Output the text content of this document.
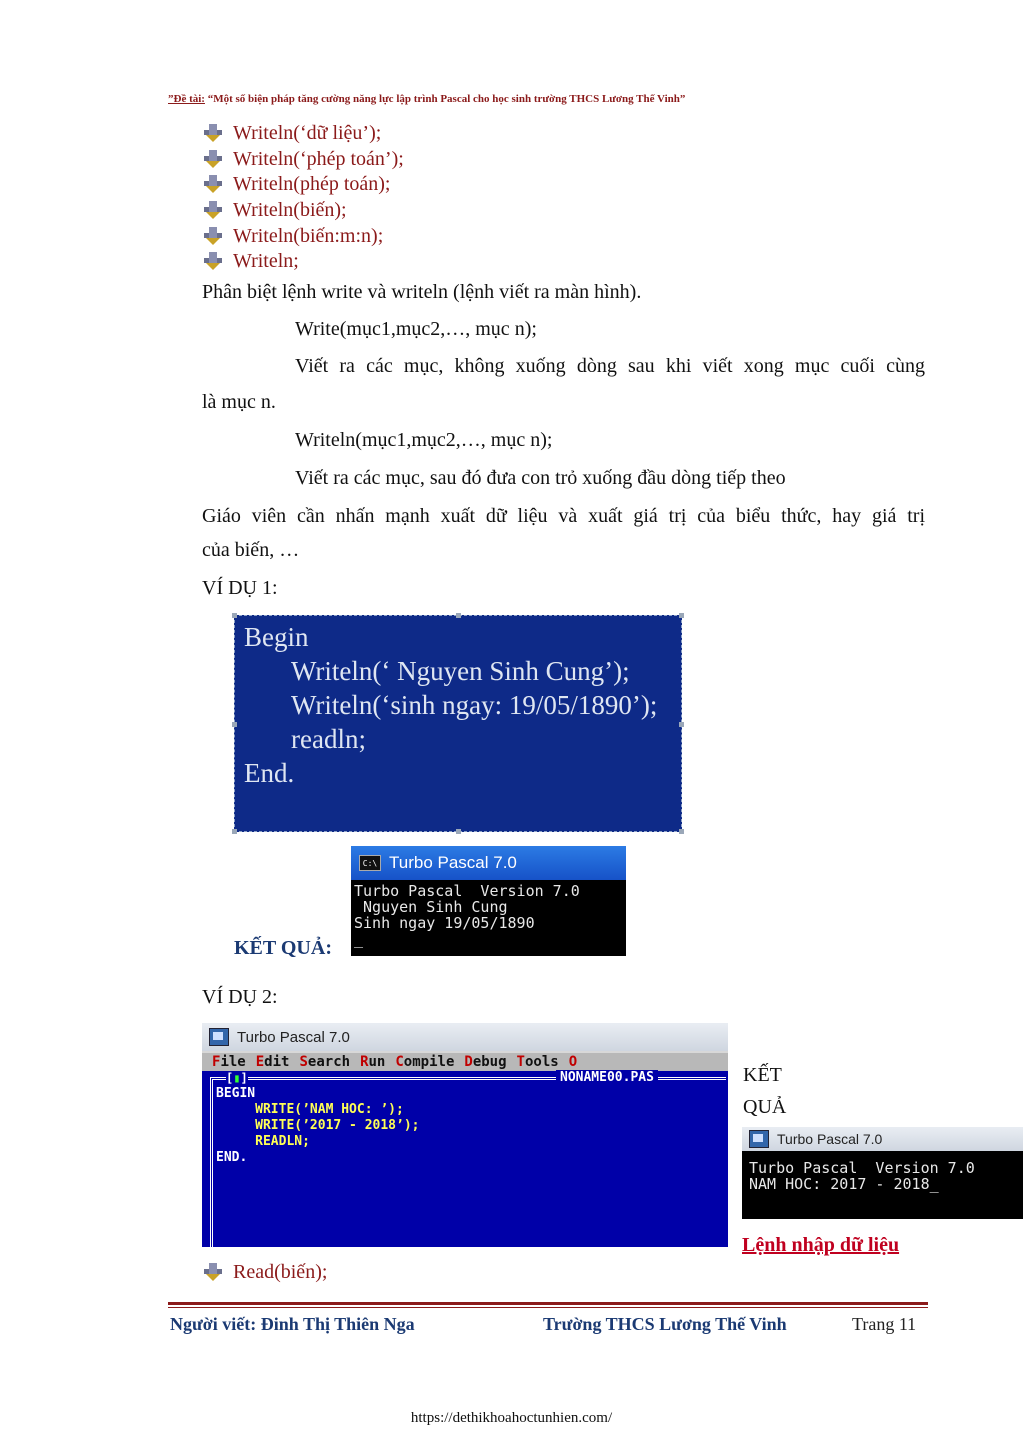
”Đề tài: “Một số biện pháp tăng cường năng lực lập trình Pascal cho học sinh trường THCS Lương Thế Vinh”
Writeln(‘dữ liệu’);
Writeln(‘phép toán’);
Writeln(phép toán);
Writeln(biến);
Writeln(biến:m:n);
Writeln;
Phân biệt lệnh write và writeln (lệnh viết ra màn hình).
Write(mục1,mục2,…, mục n);
Viết ra các mục, không xuống dòng sau khi viết xong mục cuối cùng
là mục n.
Writeln(mục1,mục2,…, mục n);
Viết ra các mục, sau đó đưa con trỏ xuống đầu dòng tiếp theo
Giáo viên cần nhấn mạnh xuất dữ liệu và xuất giá trị của biểu thức, hay giá trị
của biến, …
VÍ DỤ 1:
Begin
Writeln(‘ Nguyen Sinh Cung’);
Writeln(‘sinh ngay: 19/05/1890’);
readln;
End.
KẾT QUẢ:
C:\ Turbo Pascal 7.0
Turbo Pascal  Version 7.0
Nguyen Sinh Cung
Sinh ngay 19/05/1890
_
VÍ DỤ 2:
Turbo Pascal 7.0
File Edit Search Run Compile Debug Tools O
[▮]	NONAME00.PAS
BEGIN
WRITE(’NAM HOC: ’);
WRITE(’2017 - 2018’);
READLN;
END.
KẾT
QUẢ
Turbo Pascal 7.0
Turbo Pascal  Version 7.0
NAM HOC: 2017 - 2018_
Lệnh nhập dữ liệu
Read(biến);
Người viết: Đinh Thị Thiên Nga	Trường THCS Lương Thế Vinh	Trang 11
https://dethikhoahoctunhien.com/
